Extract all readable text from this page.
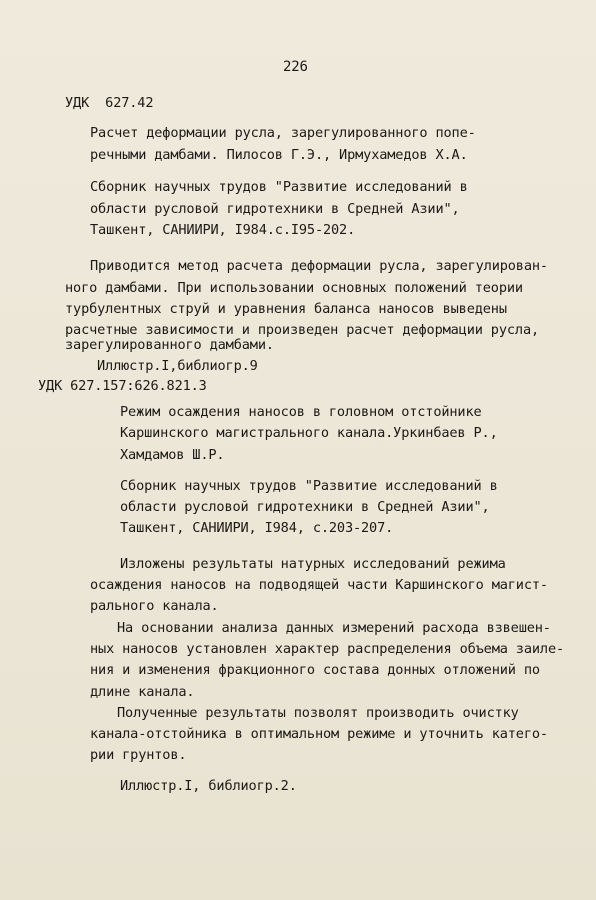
226
УДК  627.42
Расчет деформации русла, зарегулированного попе-
речными дамбами. Пилосов Г.Э., Ирмухамедов Х.А.
Сборник научных трудов "Развитие исследований в
области русловой гидротехники в Средней Азии",
Ташкент, САНИИРИ, I984.с.I95-202.
Приводится метод расчета деформации русла, зарегулирован-
ного дамбами. При использовании основных положений теории
турбулентных струй и уравнения баланса наносов выведены
расчетные зависимости и произведен расчет деформации русла,
зарегулированного дамбами.
Иллюстр.I,библиогр.9
УДК 627.157:626.821.3
Режим осаждения наносов в головном отстойнике
Каршинского магистрального канала.Уркинбаев Р.,
Хамдамов Ш.Р.
Сборник научных трудов "Развитие исследований в
области русловой гидротехники в Средней Азии",
Ташкент, САНИИРИ, I984, с.203-207.
Изложены результаты натурных исследований режима
осаждения наносов на подводящей части Каршинского магист-
рального канала.
На основании анализа данных измерений расхода взвешен-
ных наносов установлен характер распределения объема заиле-
ния и изменения фракционного состава донных отложений по
длине канала.
Полученные результаты позволят производить очистку
канала-отстойника в оптимальном режиме и уточнить катего-
рии грунтов.
Иллюстр.I, библиогр.2.
